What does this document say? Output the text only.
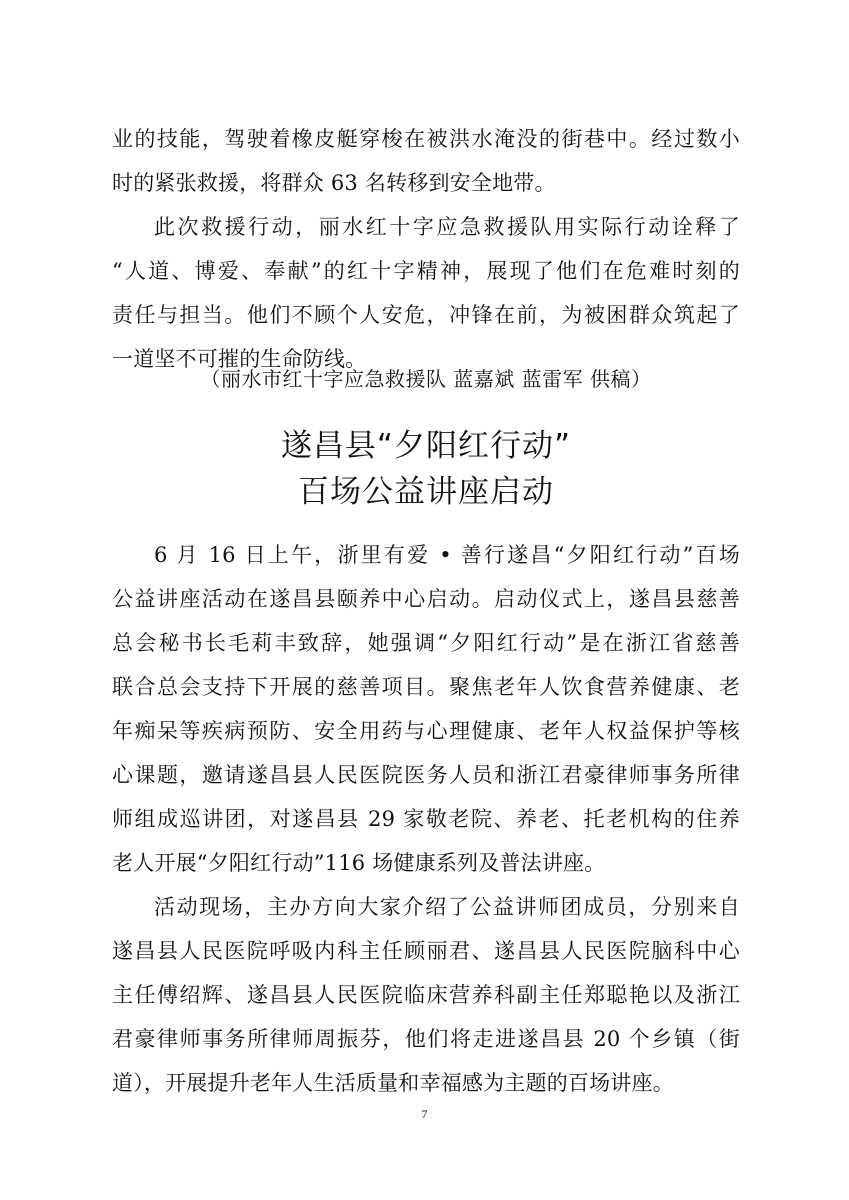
业的技能，驾驶着橡皮艇穿梭在被洪水淹没的街巷中。经过数小
时的紧张救援，将群众 63 名转移到安全地带。
此次救援行动，丽水红十字应急救援队用实际行动诠释了
“人道、博爱、奉献”的红十字精神，展现了他们在危难时刻的
责任与担当。他们不顾个人安危，冲锋在前，为被困群众筑起了
一道坚不可摧的生命防线。
（丽水市红十字应急救援队 蓝嘉斌 蓝雷军 供稿）
遂昌县“夕阳红行动”
百场公益讲座启动
6 月 16 日上午，浙里有爱 • 善行遂昌“夕阳红行动”百场
公益讲座活动在遂昌县颐养中心启动。启动仪式上，遂昌县慈善
总会秘书长毛莉丰致辞，她强调“夕阳红行动”是在浙江省慈善
联合总会支持下开展的慈善项目。聚焦老年人饮食营养健康、老
年痴呆等疾病预防、安全用药与心理健康、老年人权益保护等核
心课题，邀请遂昌县人民医院医务人员和浙江君豪律师事务所律
师组成巡讲团，对遂昌县 29 家敬老院、养老、托老机构的住养
老人开展“夕阳红行动”116 场健康系列及普法讲座。
活动现场，主办方向大家介绍了公益讲师团成员，分别来自
遂昌县人民医院呼吸内科主任顾丽君、遂昌县人民医院脑科中心
主任傅绍辉、遂昌县人民医院临床营养科副主任郑聪艳以及浙江
君豪律师事务所律师周振芬，他们将走进遂昌县 20 个乡镇（街
道），开展提升老年人生活质量和幸福感为主题的百场讲座。
7
